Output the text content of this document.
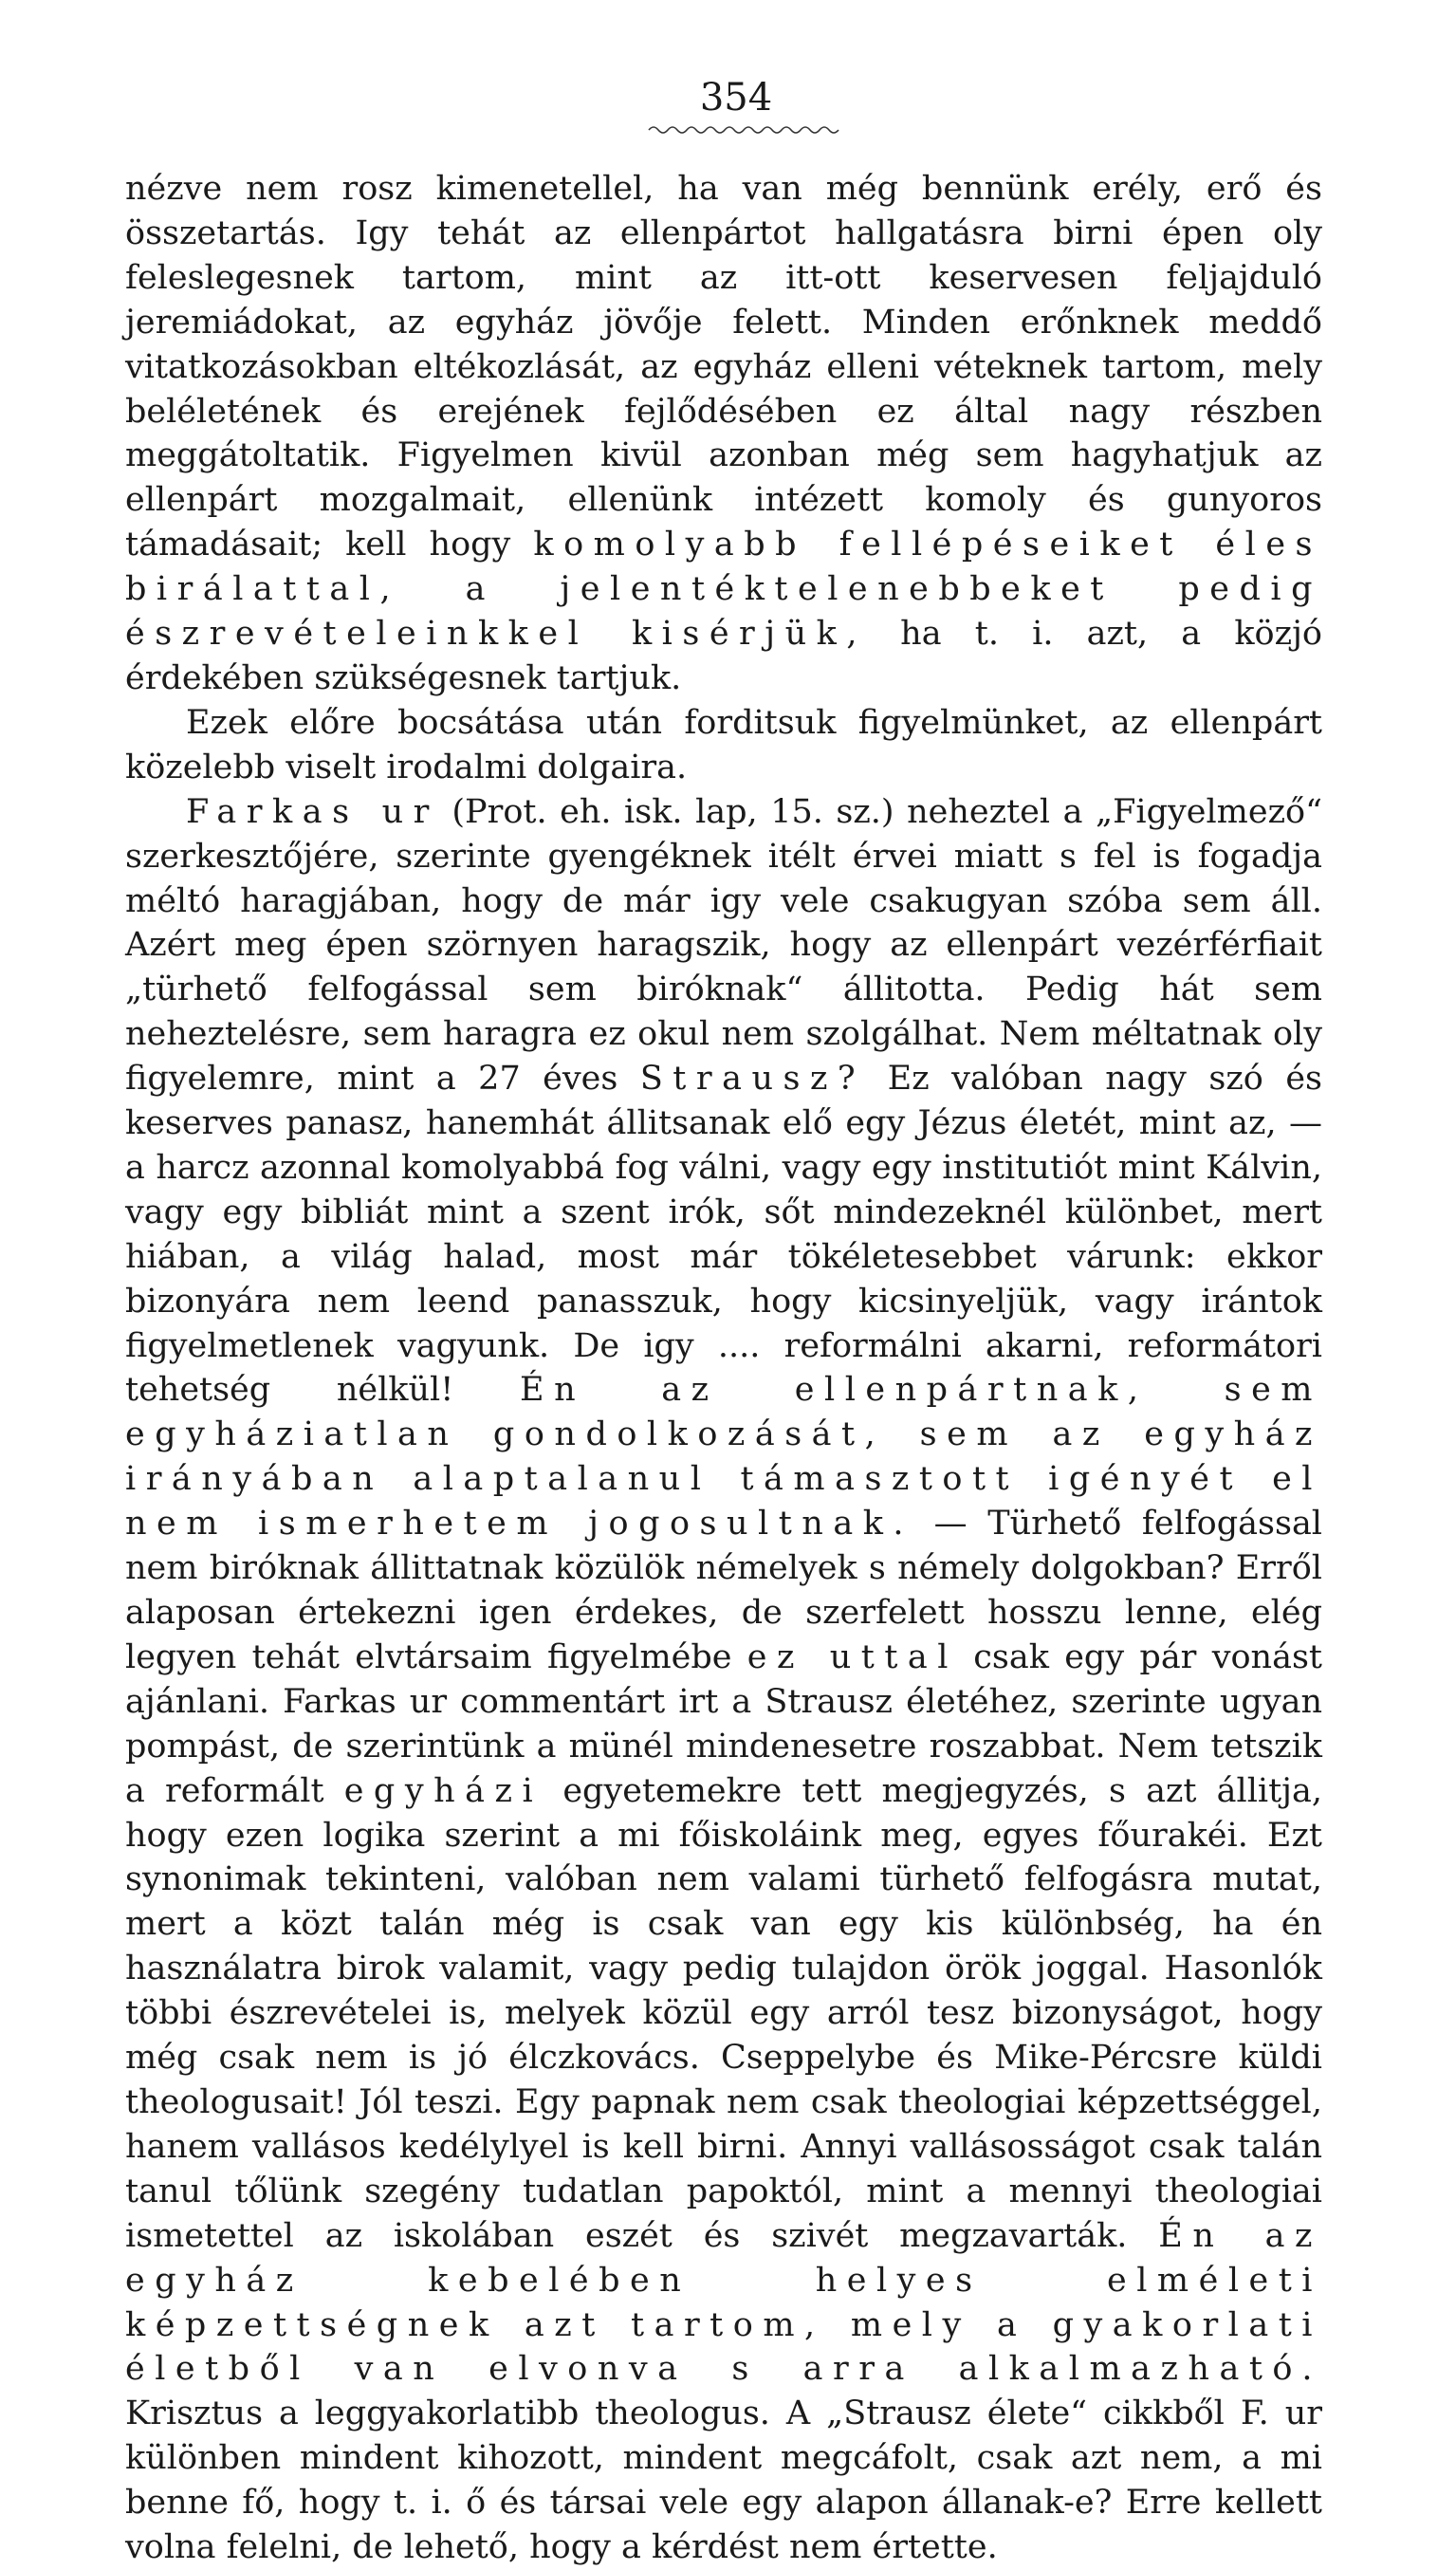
354

nézve nem rosz kimenetellel, ha van még bennünk erély, erő és összetartás. Igy tehát az ellenpártot hallgatásra birni épen oly feleslegesnek tartom, mint az itt-ott keservesen feljajduló jeremiádokat, az egyház jövője felett. Minden erőnknek meddő vitatkozásokban eltékozlását, az egyház elleni véteknek tartom, mely beléletének és erejének fejlődésében ez által nagy részben meggátoltatik. Figyelmen kivül azonban még sem hagyhatjuk az ellenpárt mozgalmait, ellenünk intézett komoly és gunyoros támadásait; kell hogy komolyabb fellépéseiket éles birálattal, a jelentéktelenebbeket pedig észrevételeinkkel kisérjük, ha t. i. azt, a közjó érdekében szükségesnek tartjuk.

Ezek előre bocsátása után forditsuk figyelmünket, az ellenpárt közelebb viselt irodalmi dolgaira.

Farkas ur (Prot. eh. isk. lap, 15. sz.) neheztel a „Figyelmező“ szerkesztőjére, szerinte gyengéknek itélt érvei miatt s fel is fogadja méltó haragjában, hogy de már igy vele csakugyan szóba sem áll. Azért meg épen szörnyen haragszik, hogy az ellenpárt vezérférfiait „türhető felfogással sem biróknak“ állitotta. Pedig hát sem neheztelésre, sem haragra ez okul nem szolgálhat. Nem méltatnak oly figyelemre, mint a 27 éves Strausz? Ez valóban nagy szó és keserves panasz, hanemhát állitsanak elő egy Jézus életét, mint az, — a harcz azonnal komolyabbá fog válni, vagy egy institutiót mint Kálvin, vagy egy bibliát mint a szent irók, sőt mindezeknél különbet, mert hiában, a világ halad, most már tökéletesebbet várunk: ekkor bizonyára nem leend panasszuk, hogy kicsinyeljük, vagy irántok figyelmetlenek vagyunk. De igy .... reformálni akarni, reformátori tehetség nélkül! Én az ellenpártnak, sem egyháziatlan gondolkozását, sem az egyház irányában alaptalanul támasztott igényét el nem ismerhetem jogosultnak. — Türhető felfogással nem biróknak állittatnak közülök némelyek s némely dolgokban? Erről alaposan értekezni igen érdekes, de szerfelett hosszu lenne, elég legyen tehát elvtársaim figyelmébe ez uttal csak egy pár vonást ajánlani. Farkas ur commentárt irt a Strausz életéhez, szerinte ugyan pompást, de szerintünk a münél mindenesetre roszabbat. Nem tetszik a reformált egyházi egyetemekre tett megjegyzés, s azt állitja, hogy ezen logika szerint a mi főiskoláink meg, egyes főurakéi. Ezt synonimak tekinteni, valóban nem valami türhető felfogásra mutat, mert a közt talán még is csak van egy kis különbség, ha én használatra birok valamit, vagy pedig tulajdon örök joggal. Hasonlók többi észrevételei is, melyek közül egy arról tesz bizonyságot, hogy még csak nem is jó élczkovács. Cseppelybe és Mike-Pércsre küldi theologusait! Jól teszi. Egy papnak nem csak theologiai képzettséggel, hanem vallásos kedélylyel is kell birni. Annyi vallásosságot csak talán tanul tőlünk szegény tudatlan papoktól, mint a mennyi theologiai ismetettel az iskolában eszét és szivét megzavarták. Én az egyház kebelében helyes elméleti képzettségnek azt tartom, mely a gyakorlati életből van elvonva s arra alkalmazható. Krisztus a leggyakorlatibb theologus. A „Strausz élete“ cikkből F. ur különben mindent kihozott, mindent megcáfolt, csak azt nem, a mi benne fő, hogy t. i. ő és társai vele egy alapon állanak-e? Erre kellett volna felelni, de lehető, hogy a kérdést nem értette.
